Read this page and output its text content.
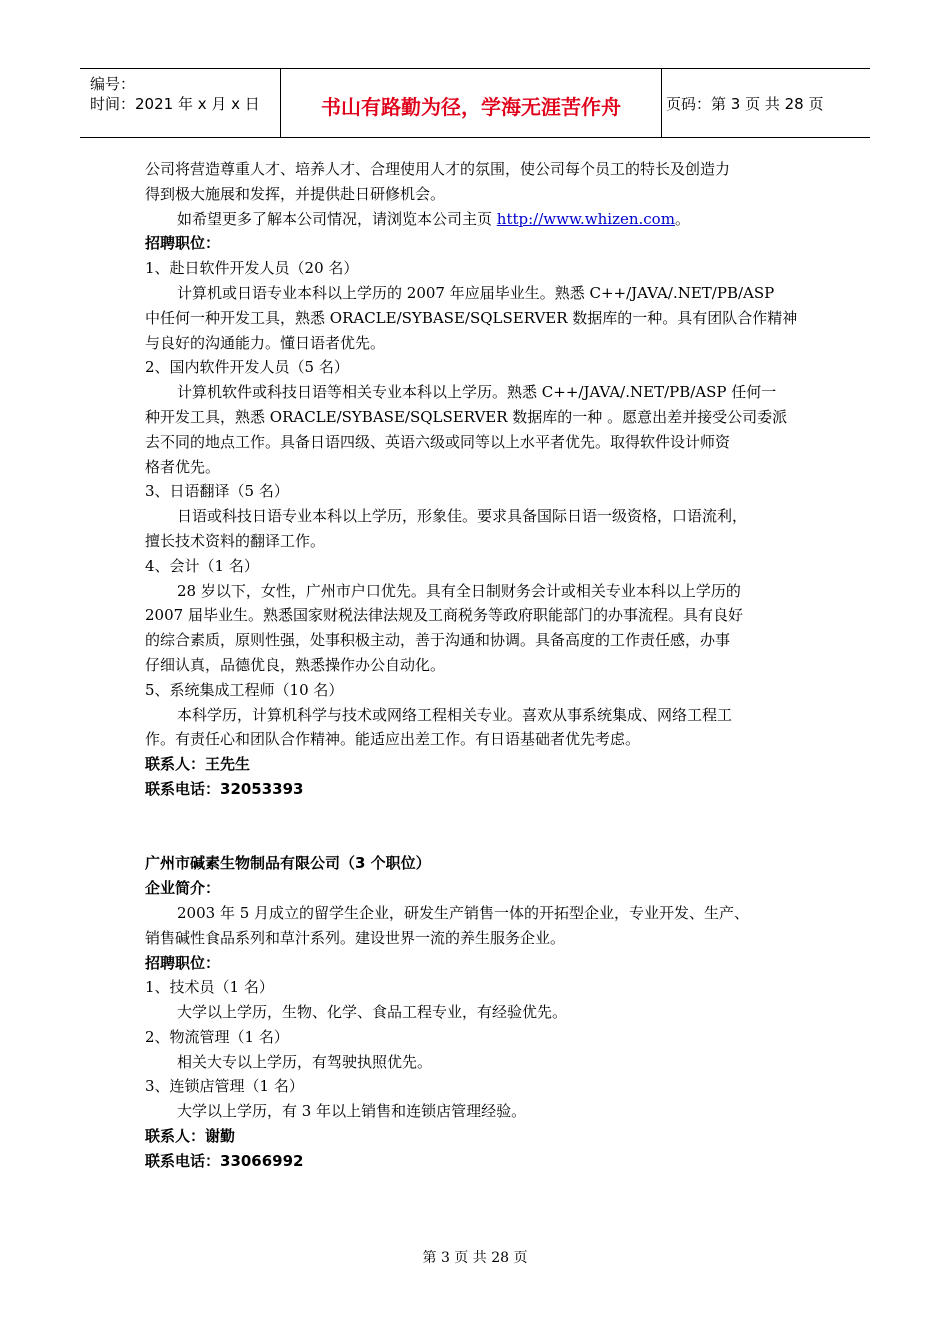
编号：
时间：2021 年 x 月 x 日	书山有路勤为径，学海无涯苦作舟	页码：第 3 页 共 28 页
公司将营造尊重人才、培养人才、合理使用人才的氛围，使公司每个员工的特长及创造力
得到极大施展和发挥，并提供赴日研修机会。
如希望更多了解本公司情况，请浏览本公司主页 http://www.whizen.com。
招聘职位：
1、赴日软件开发人员（20 名）
计算机或日语专业本科以上学历的 2007 年应届毕业生。熟悉 C++/JAVA/.NET/PB/ASP
中任何一种开发工具，熟悉 ORACLE/SYBASE/SQLSERVER 数据库的一种。具有团队合作精神
与良好的沟通能力。懂日语者优先。
2、国内软件开发人员（5 名）
计算机软件或科技日语等相关专业本科以上学历。熟悉 C++/JAVA/.NET/PB/ASP 任何一
种开发工具，熟悉 ORACLE/SYBASE/SQLSERVER 数据库的一种 。愿意出差并接受公司委派
去不同的地点工作。具备日语四级、英语六级或同等以上水平者优先。取得软件设计师资
格者优先。
3、日语翻译（5 名）
日语或科技日语专业本科以上学历，形象佳。要求具备国际日语一级资格，口语流利，
擅长技术资料的翻译工作。
4、会计（1 名）
28 岁以下，女性，广州市户口优先。具有全日制财务会计或相关专业本科以上学历的
2007 届毕业生。熟悉国家财税法律法规及工商税务等政府职能部门的办事流程。具有良好
的综合素质，原则性强，处事积极主动，善于沟通和协调。具备高度的工作责任感，办事
仔细认真，品德优良，熟悉操作办公自动化。
5、系统集成工程师（10 名）
本科学历，计算机科学与技术或网络工程相关专业。喜欢从事系统集成、网络工程工
作。有责任心和团队合作精神。能适应出差工作。有日语基础者优先考虑。
联系人：王先生
联系电话：32053393
广州市碱素生物制品有限公司（3 个职位）
企业简介：
2003 年 5 月成立的留学生企业，研发生产销售一体的开拓型企业，专业开发、生产、
销售碱性食品系列和草汁系列。建设世界一流的养生服务企业。
招聘职位：
1、技术员（1 名）
大学以上学历，生物、化学、食品工程专业，有经验优先。
2、物流管理（1 名）
相关大专以上学历，有驾驶执照优先。
3、连锁店管理（1 名）
大学以上学历，有 3 年以上销售和连锁店管理经验。
联系人：谢勤
联系电话：33066992
第 3 页 共 28 页
